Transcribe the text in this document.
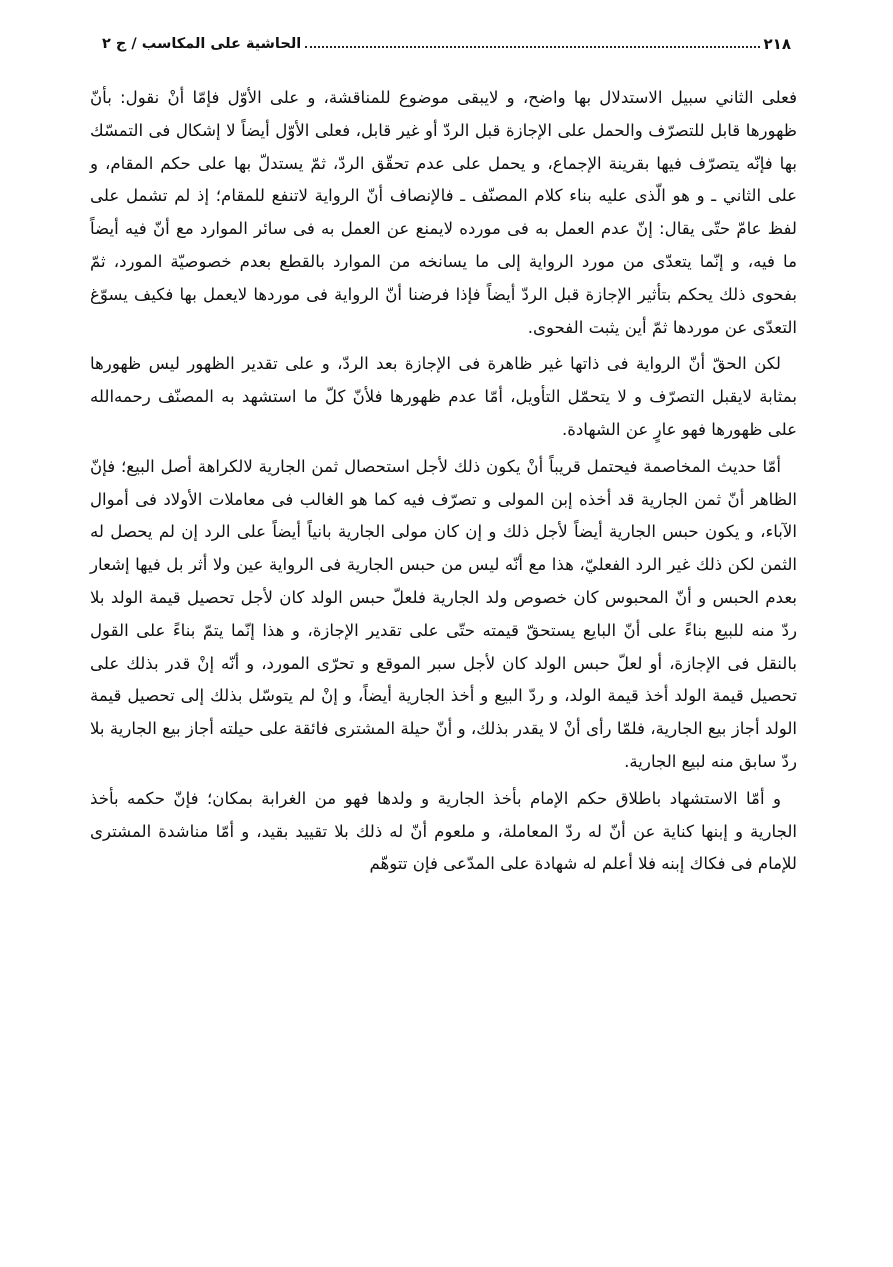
٢١٨
الحاشية على المكاسب / ج ٢

فعلى الثاني سبيل الاستدلال بها واضح، و لايبقى موضوع للمناقشة، و على الأوّل فإمّا أنْ نقول: بأنّ ظهورها قابل للتصرّف والحمل على الإجازة قبل الردّ أو غير قابل، فعلى الأوّل أيضاً لا إشكال فى التمسّك بها فإنّه يتصرّف فيها بقرينة الإجماع، و يحمل على عدم تحقّق الردّ، ثمّ يستدلّ بها على حكم المقام، و على الثاني ـ و هو الّذى عليه بناء كلام المصنّف ـ فالإنصاف أنّ الرواية لاتنفع للمقام؛ إذ لم تشمل على لفظ عامّ حتّى يقال: إنّ عدم العمل به فى مورده لايمنع عن العمل به فى سائر الموارد مع أنّ فيه أيضاً ما فيه، و إنّما يتعدّى من مورد الرواية إلى ما يسانخه من الموارد بالقطع بعدم خصوصيّة المورد، ثمّ بفحوى ذلك يحكم بتأثير الإجازة قبل الردّ أيضاً فإذا فرضنا أنّ الرواية فى موردها لايعمل بها فكيف يسوّغ التعدّى عن موردها ثمّ أين يثبت الفحوى.

لكن الحقّ أنّ الرواية فى ذاتها غير ظاهرة فى الإجازة بعد الردّ، و على تقدير الظهور ليس ظهورها بمثابة لايقبل التصرّف و لا يتحمّل التأويل، أمّا عدم ظهورها فلأنّ كلّ ما استشهد به المصنّف رحمه‌الله على ظهورها فهو عارٍ عن الشهادة.

أمّا حديث المخاصمة فيحتمل قريباً أنْ يكون ذلك لأجل استحصال ثمن الجارية لالكراهة أصل البيع؛ فإنّ الظاهر أنّ ثمن الجارية قد أخذه إبن المولى و تصرّف فيه كما هو الغالب فى معاملات الأولاد فى أموال الآباء، و يكون حبس الجارية أيضاً لأجل ذلك و إن كان مولى الجارية بانياً أيضاً على الرد إن لم يحصل له الثمن لكن ذلك غير الرد الفعليّ، هذا مع أنّه ليس من حبس الجارية فى الرواية عين ولا أثر بل فيها إشعار بعدم الحبس و أنّ المحبوس كان خصوص ولد الجارية فلعلّ حبس الولد كان لأجل تحصيل قيمة الولد بلا ردّ منه للبيع بناءً على أنّ البايع يستحقّ قيمته حتّى على تقدير الإجازة، و هذا إنّما يتمّ بناءً على القول بالنقل فى الإجازة، أو لعلّ حبس الولد كان لأجل سبر الموقع و تحرّى المورد، و أنّه إنْ قدر بذلك على تحصيل قيمة الولد أخذ قيمة الولد، و ردّ البيع و أخذ الجارية أيضاً، و إنْ لم يتوسّل بذلك إلى تحصيل قيمة الولد أجاز بيع الجارية، فلمّا رأى أنْ لا يقدر بذلك، و أنّ حيلة المشترى فائقة على حيلته أجاز بيع الجارية بلا ردّ سابق منه لبيع الجارية.

و أمّا الاستشهاد باطلاق حكم الإمام بأخذ الجارية و ولدها فهو من الغرابة بمكان؛ فإنّ حكمه بأخذ الجارية و إبنها كناية عن أنّ له ردّ المعاملة، و ملعوم أنّ له ذلك بلا تقييد بقيد، و أمّا مناشدة المشترى للإمام فى فكاك إبنه فلا أعلم له شهادة على المدّعى فإن تتوهّم
